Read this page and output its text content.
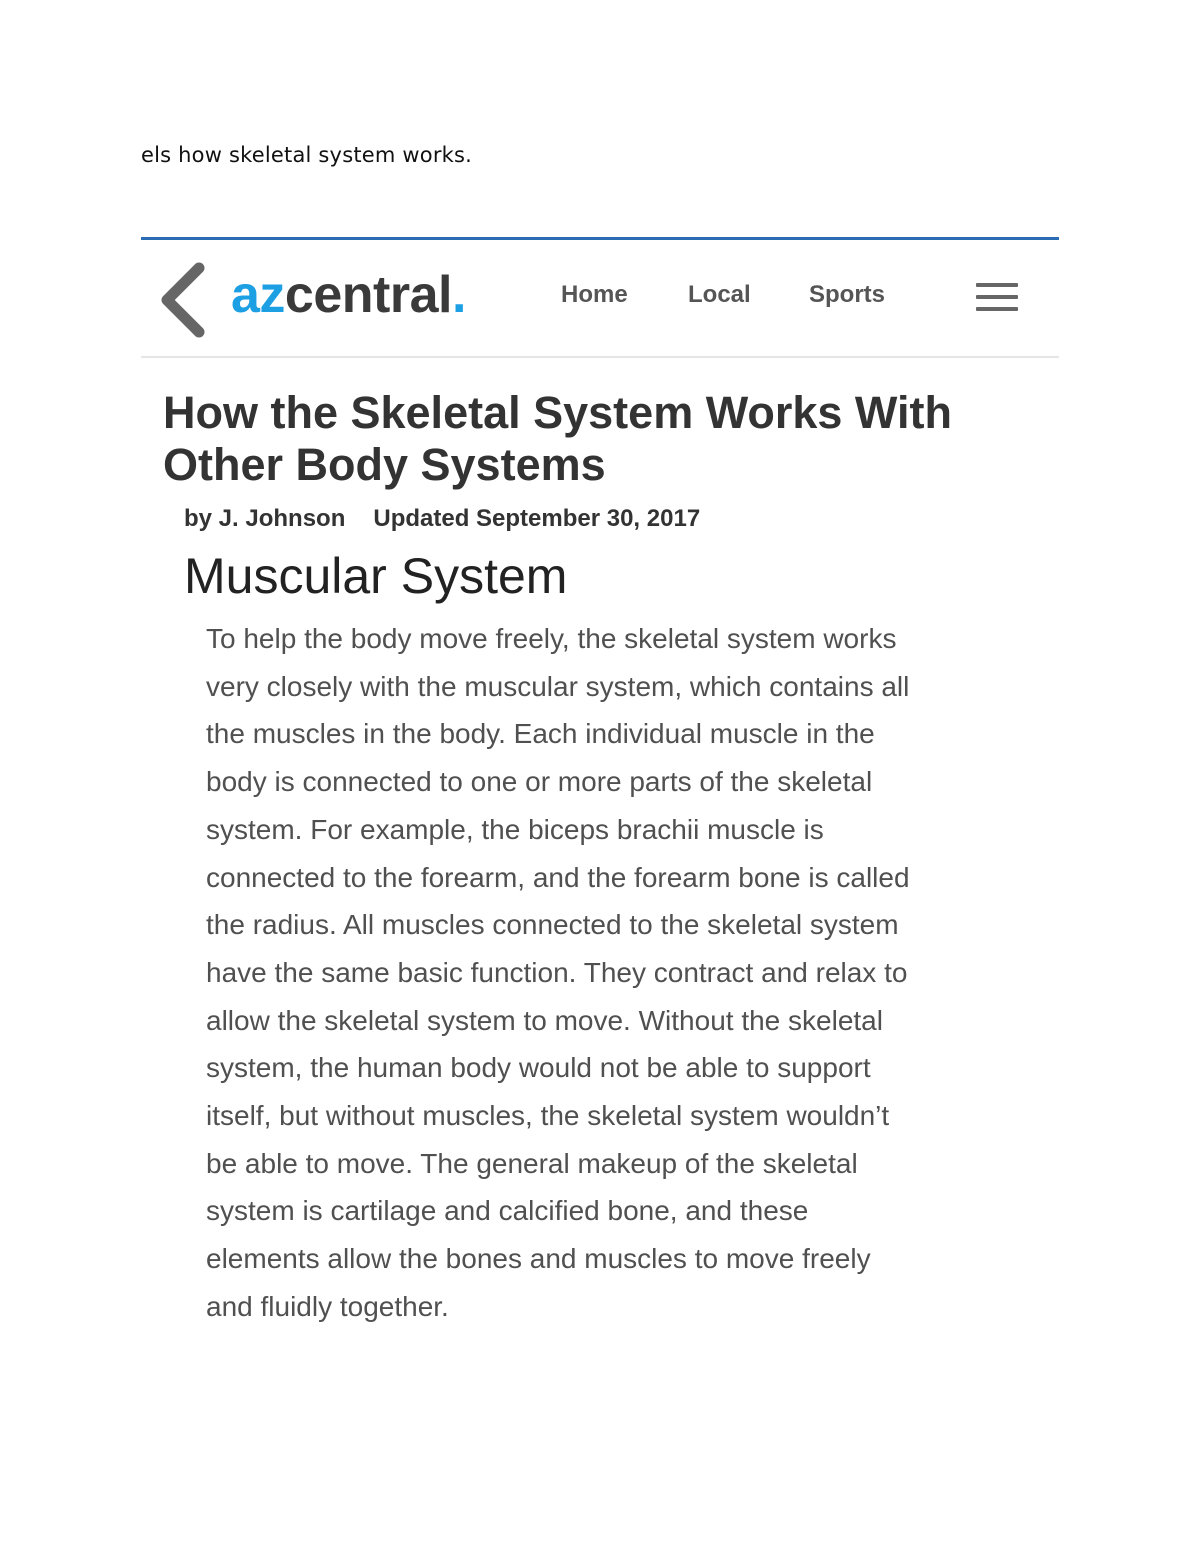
els how skeletal system works.
azcentral.	Home	Local Sports
How the Skeletal System Works With Other Body Systems
by J. Johnson Updated September 30, 2017
Muscular System
To help the body move freely, the skeletal system works
very closely with the muscular system, which contains all
the muscles in the body. Each individual muscle in the
body is connected to one or more parts of the skeletal
system. For example, the biceps brachii muscle is
connected to the forearm, and the forearm bone is called
the radius. All muscles connected to the skeletal system
have the same basic function. They contract and relax to
allow the skeletal system to move. Without the skeletal
system, the human body would not be able to support
itself, but without muscles, the skeletal system wouldn’t
be able to move. The general makeup of the skeletal
system is cartilage and calcified bone, and these
elements allow the bones and muscles to move freely
and fluidly together.
